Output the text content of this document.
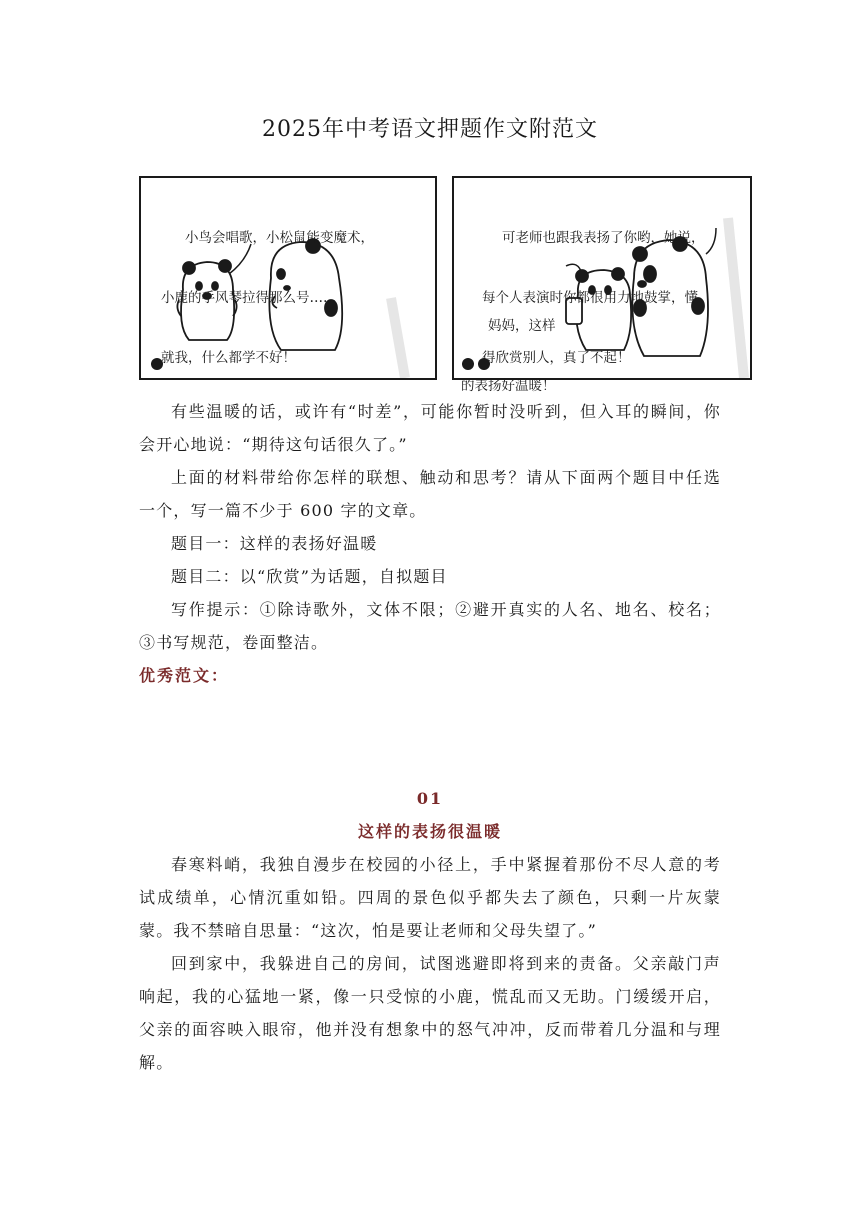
2025年中考语文押题作文附范文

小鸟会唱歌，小松鼠能变魔术，

小鹿的手风琴拉得那么号……

就我，什么都学不好！

可老师也跟我表扬了你哟，她说，

每个人表演时你都很用力地鼓掌，懂

得欣赏别人，真了不起！

妈妈，这样

的表扬好温暖！

有些温暖的话，或许有“时差”，可能你暂时没听到，但入耳的瞬间，你会开心地说：“期待这句话很久了。”

上面的材料带给你怎样的联想、触动和思考？请从下面两个题目中任选一个，写一篇不少于 600 字的文章。

题目一：这样的表扬好温暖

题目二：以“欣赏”为话题，自拟题目

写作提示：①除诗歌外，文体不限；②避开真实的人名、地名、校名；③书写规范，卷面整洁。

优秀范文：

01

这样的表扬很温暖

春寒料峭，我独自漫步在校园的小径上，手中紧握着那份不尽人意的考试成绩单，心情沉重如铅。四周的景色似乎都失去了颜色，只剩一片灰蒙蒙。我不禁暗自思量：“这次，怕是要让老师和父母失望了。”

回到家中，我躲进自己的房间，试图逃避即将到来的责备。父亲敲门声响起，我的心猛地一紧，像一只受惊的小鹿，慌乱而又无助。门缓缓开启，父亲的面容映入眼帘，他并没有想象中的怒气冲冲，反而带着几分温和与理解。
